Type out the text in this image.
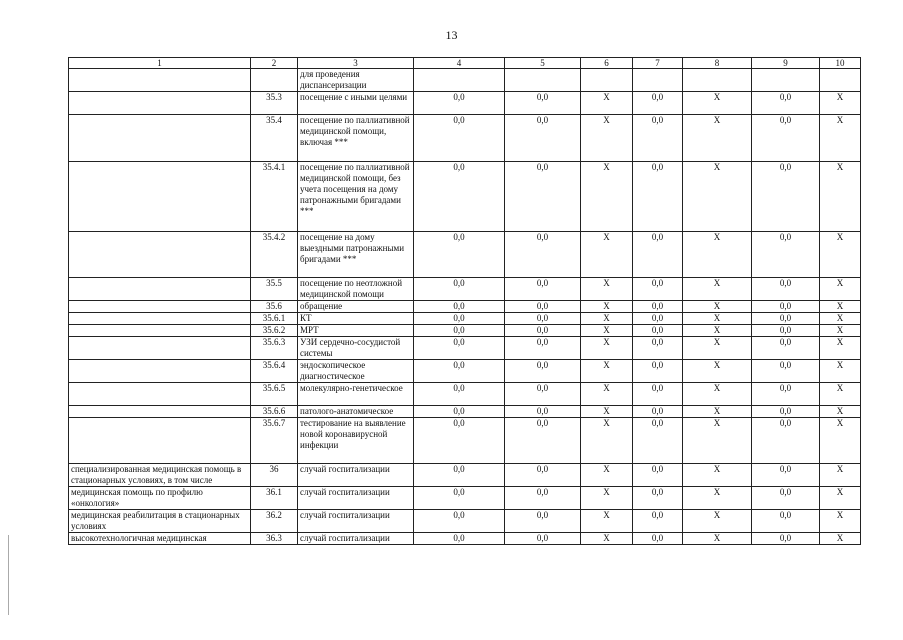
13
1	2	3	4	5	6	7	8	9	10
		для проведения диспансеризации							
	35.3	посещение с иными целями	0,0	0,0	X	0,0	X	0,0	X
	35.4	посещение по паллиативной медицинской помощи, включая ***	0,0	0,0	X	0,0	X	0,0	X
	35.4.1	посещение по паллиативной медицинской помощи, без учета посещения на дому патронажными бригадами ***	0,0	0,0	X	0,0	X	0,0	X
	35.4.2	посещение на дому выездными патронажными бригадами ***	0,0	0,0	X	0,0	X	0,0	X
	35.5	посещение по неотложной медицинской помощи	0,0	0,0	X	0,0	X	0,0	X
	35.6	обращение	0,0	0,0	X	0,0	X	0,0	X
	35.6.1	КТ	0,0	0,0	X	0,0	X	0,0	X
	35.6.2	МРТ	0,0	0,0	X	0,0	X	0,0	X
	35.6.3	УЗИ сердечно-сосудистой системы	0,0	0,0	X	0,0	X	0,0	X
	35.6.4	эндоскопическое диагностическое	0,0	0,0	X	0,0	X	0,0	X
	35.6.5	молекулярно-генетическое	0,0	0,0	X	0,0	X	0,0	X
	35.6.6	патолого-анатомическое	0,0	0,0	X	0,0	X	0,0	X
	35.6.7	тестирование на выявление новой коронавирусной инфекции	0,0	0,0	X	0,0	X	0,0	X
специализированная медицинская помощь в стационарных условиях, в том числе	36	случай госпитализации	0,0	0,0	X	0,0	X	0,0	X
медицинская помощь по профилю «онкология»	36.1	случай госпитализации	0,0	0,0	X	0,0	X	0,0	X
медицинская реабилитация в стационарных условиях	36.2	случай госпитализации	0,0	0,0	X	0,0	X	0,0	X
высокотехнологичная медицинская	36.3	случай госпитализации	0,0	0,0	X	0,0	X	0,0	X
